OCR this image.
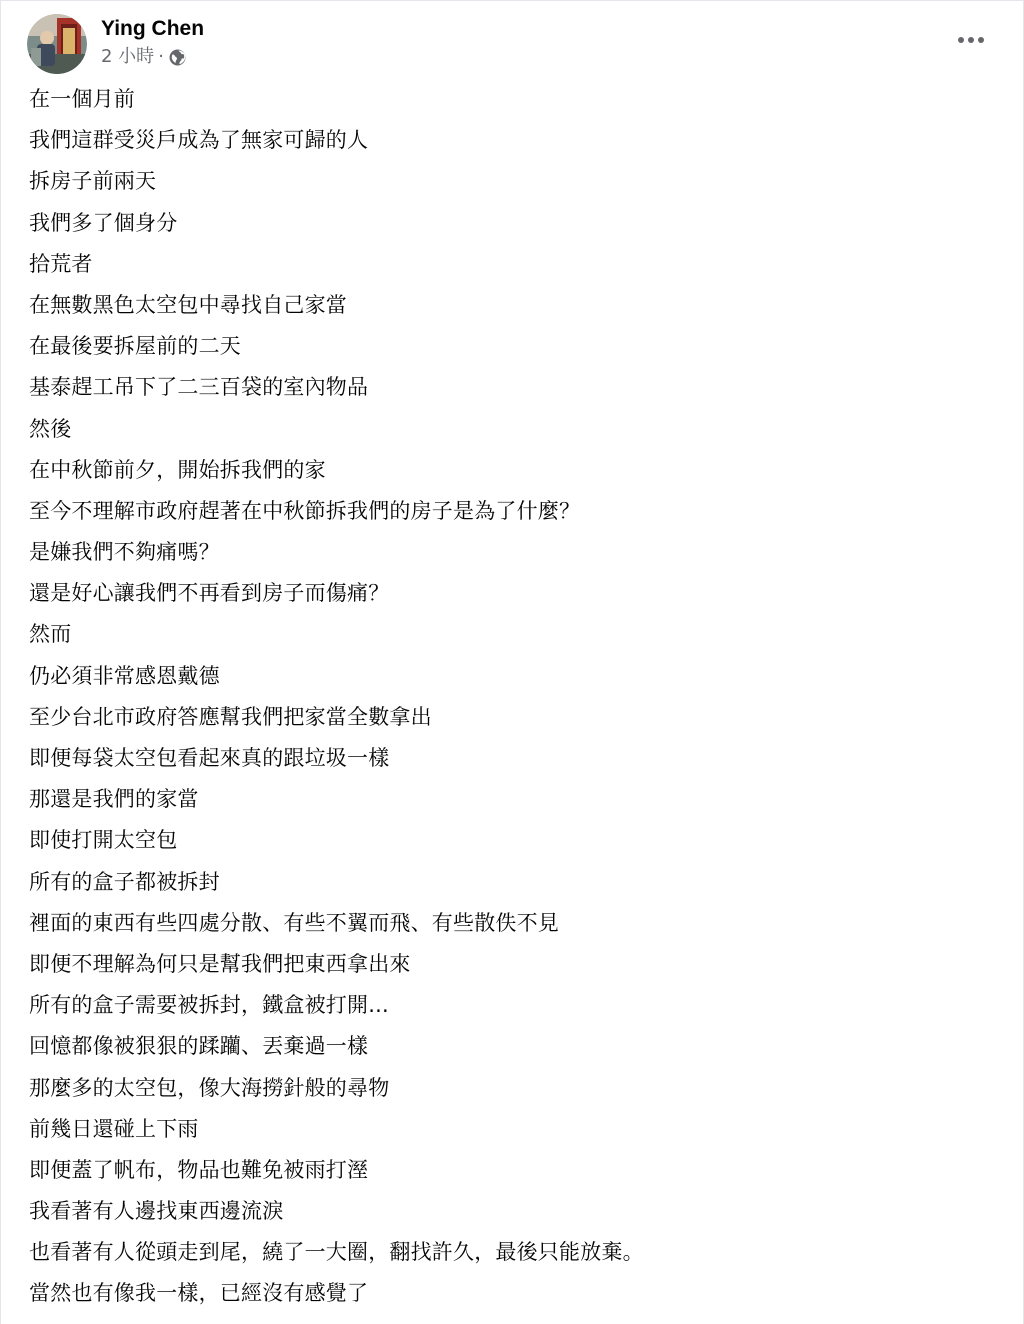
Ying Chen
2 小時 ·
在一個月前
我們這群受災戶成為了無家可歸的人
拆房子前兩天
我們多了個身分
拾荒者
在無數黑色太空包中尋找自己家當
在最後要拆屋前的二天
基泰趕工吊下了二三百袋的室內物品
然後
在中秋節前夕，開始拆我們的家
至今不理解市政府趕著在中秋節拆我們的房子是為了什麼？
是嫌我們不夠痛嗎？
還是好心讓我們不再看到房子而傷痛？
然而
仍必須非常感恩戴德
至少台北市政府答應幫我們把家當全數拿出
即便每袋太空包看起來真的跟垃圾一樣
那還是我們的家當
即使打開太空包
所有的盒子都被拆封
裡面的東西有些四處分散、有些不翼而飛、有些散佚不見
即便不理解為何只是幫我們把東西拿出來
所有的盒子需要被拆封，鐵盒被打開...
回憶都像被狠狠的蹂躪、丟棄過一樣
那麼多的太空包，像大海撈針般的尋物
前幾日還碰上下雨
即便蓋了帆布，物品也難免被雨打溼
我看著有人邊找東西邊流淚
也看著有人從頭走到尾，繞了一大圈，翻找許久，最後只能放棄。
當然也有像我一樣，已經沒有感覺了
